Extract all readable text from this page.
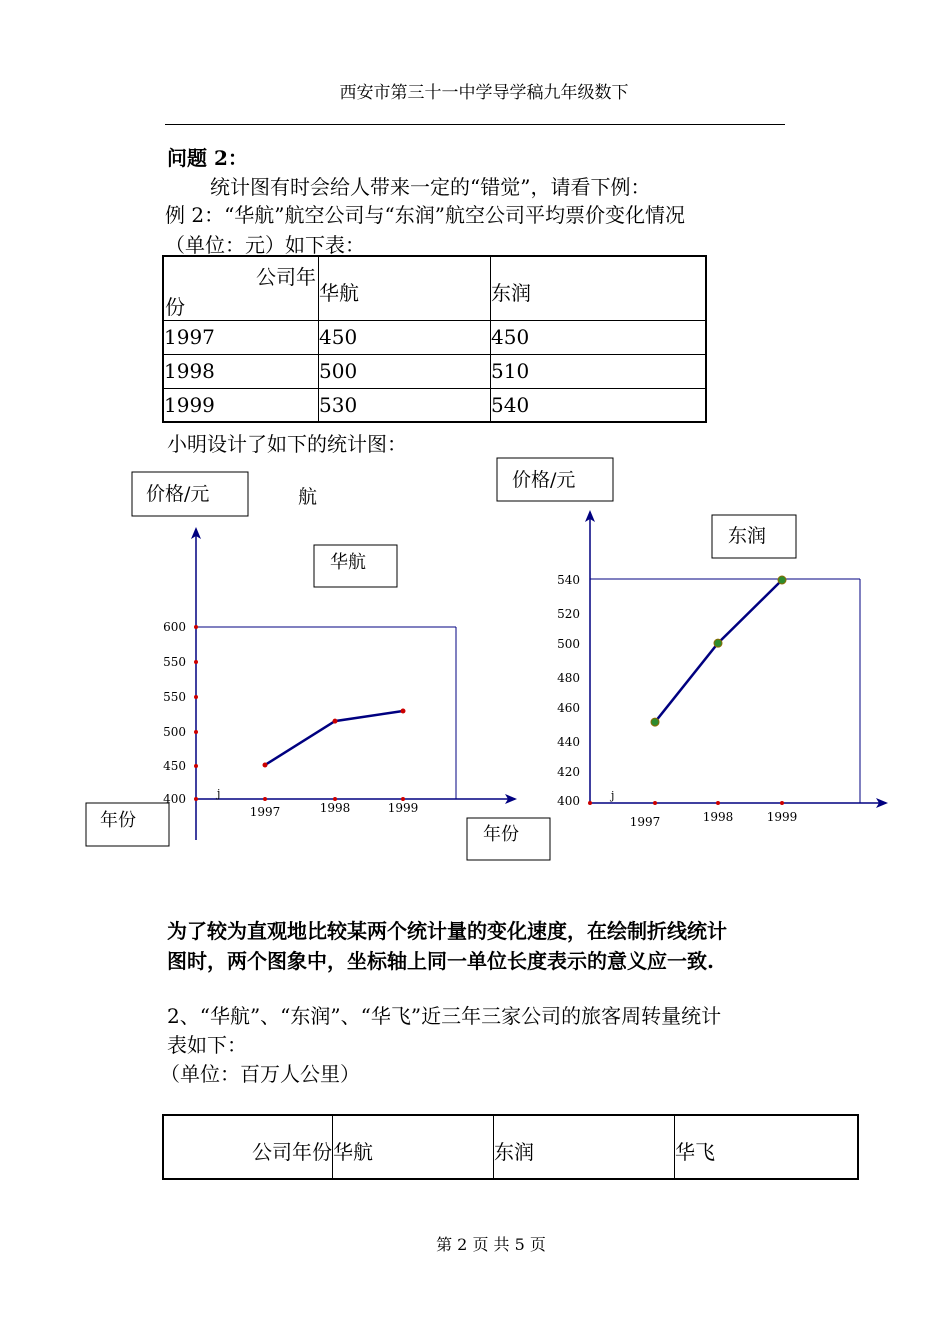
西安市第三十一中学导学稿九年级数下
问题 2：
统计图有时会给人带来一定的“错觉”，请看下例：
例 2：“华航”航空公司与“东润”航空公司平均票价变化情况
（单位：元）如下表：
公司年
份	华航	东润
1997	450	450
1998	500	510
1999	530	540
小明设计了如下的统计图：
价格/元	航
华航
年份
年份
j
400
450
500
550
550
600
1997	1998	1999
价格/元
东润
j
400
420
440
460
480
500
520
540
1997	1998	1999
为了较为直观地比较某两个统计量的变化速度，在绘制折线统计
图时，两个图象中，坐标轴上同一单位长度表示的意义应一致.
2、“华航”、“东润”、“华飞”近三年三家公司的旅客周转量统计
表如下：
（单位：百万人公里）
公司年份	华航	东润	华飞
第 2 页 共 5 页
